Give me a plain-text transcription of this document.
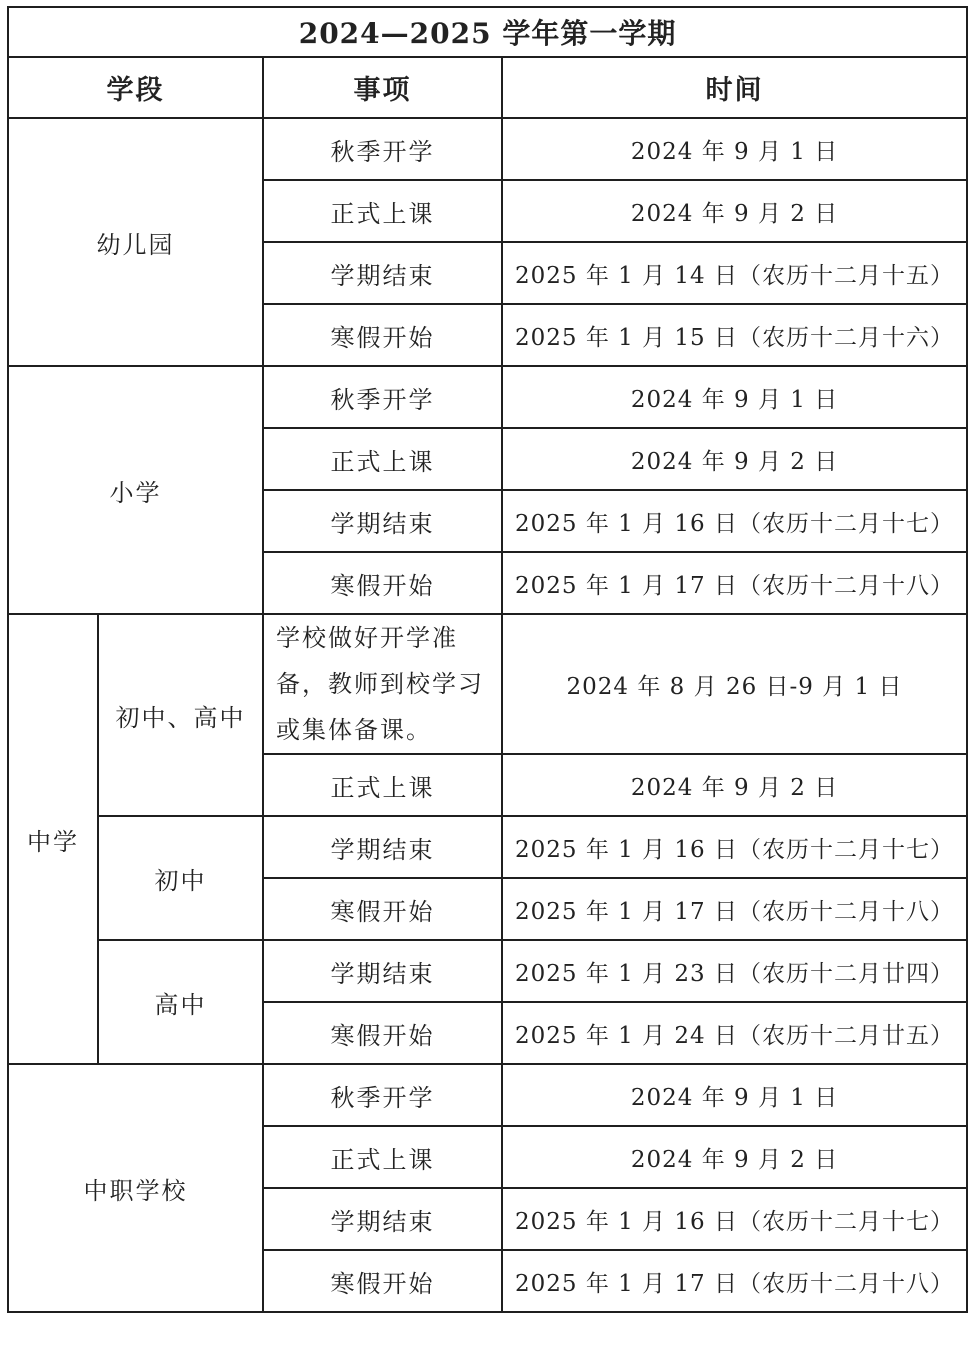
2024—2025 学年第一学期			
学段		事项	时间
幼儿园		秋季开学	2024 年 9 月 1 日
		正式上课	2024 年 9 月 2 日
		学期结束	2025 年 1 月 14 日（农历十二月十五）
		寒假开始	2025 年 1 月 15 日（农历十二月十六）
小学		秋季开学	2024 年 9 月 1 日
		正式上课	2024 年 9 月 2 日
		学期结束	2025 年 1 月 16 日（农历十二月十七）
		寒假开始	2025 年 1 月 17 日（农历十二月十八）
中学	初中、高中	学校做好开学准备，教师到校学习或集体备课。	2024 年 8 月 26 日-9 月 1 日
		正式上课	2024 年 9 月 2 日
	初中	学期结束	2025 年 1 月 16 日（农历十二月十七）
		寒假开始	2025 年 1 月 17 日（农历十二月十八）
	高中	学期结束	2025 年 1 月 23 日（农历十二月廿四）
		寒假开始	2025 年 1 月 24 日（农历十二月廿五）
中职学校		秋季开学	2024 年 9 月 1 日
		正式上课	2024 年 9 月 2 日
		学期结束	2025 年 1 月 16 日（农历十二月十七）
		寒假开始	2025 年 1 月 17 日（农历十二月十八）
